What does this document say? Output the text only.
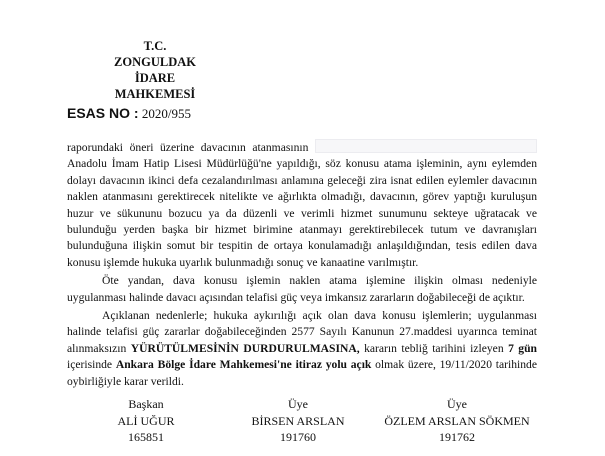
T.C.
ZONGULDAK
İDARE MAHKEMESİ
ESAS NO : 2020/955

raporundaki öneri üzerine davacının atanmasının  Anadolu İmam Hatip Lisesi Müdürlüğü'ne yapıldığı, söz konusu atama işleminin, aynı eylemden dolayı davacının ikinci defa cezalandırılması anlamına geleceği zira isnat edilen eylemler davacının naklen atanmasını gerektirecek nitelikte ve ağırlıkta olmadığı, davacının, görev yaptığı kuruluşun huzur ve sükununu bozucu ya da düzenli ve verimli hizmet sunumunu sekteye uğratacak ve bulunduğu yerden başka bir hizmet birimine atanmayı gerektirebilecek tutum ve davranışları bulunduğuna ilişkin somut bir tespitin de ortaya konulamadığı anlaşıldığından, tesis edilen dava konusu işlemde hukuka uyarlık bulunmadığı sonuç ve kanaatine varılmıştır.

Öte yandan, dava konusu işlemin naklen atama işlemine ilişkin olması nedeniyle uygulanması halinde davacı açısından telafisi güç veya imkansız zararların doğabileceği de açıktır.

Açıklanan nedenlerle; hukuka aykırılığı açık olan dava konusu işlemlerin; uygulanması halinde telafisi güç zararlar doğabileceğinden 2577 Sayılı Kanunun 27.maddesi uyarınca teminat alınmaksızın YÜRÜTÜLMESİNİN DURDURULMASINA, kararın tebliğ tarihini izleyen 7 gün içerisinde Ankara Bölge İdare Mahkemesi'ne itiraz yolu açık olmak üzere, 19/11/2020 tarihinde oybirliğiyle karar verildi.

Başkan
ALİ UĞUR
165851
Üye
BİRSEN ARSLAN
191760
Üye
ÖZLEM ARSLAN SÖKMEN
191762
